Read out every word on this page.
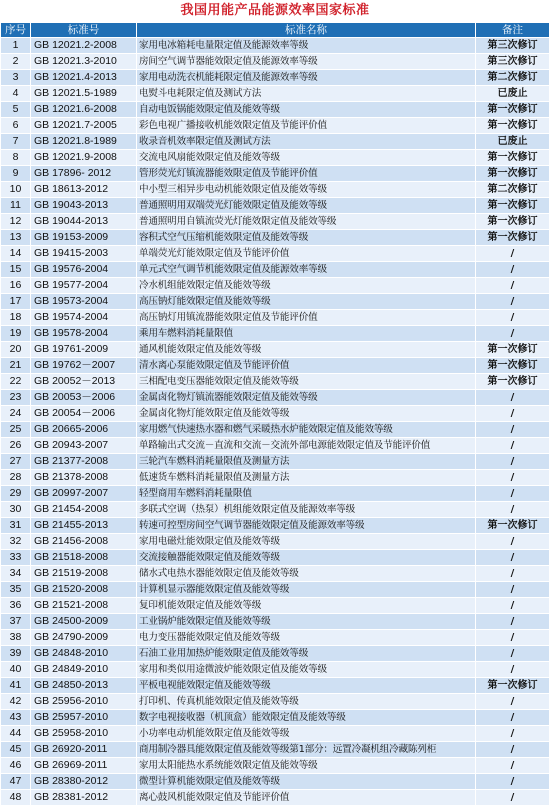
我国用能产品能源效率国家标准
序号	标准号	标准名称	备注
1	GB 12021.2-2008	家用电冰箱耗电量限定值及能源效率等级	第三次修订
2	GB 12021.3-2010	房间空气调节器能效限定值及能源效率等级	第三次修订
3	GB 12021.4-2013	家用电动洗衣机能耗限定值及能源效率等级	第二次修订
4	GB 12021.5-1989	电熨斗电耗限定值及测试方法	已废止
5	GB 12021.6-2008	自动电饭锅能效限定值及能效等级	第一次修订
6	GB 12021.7-2005	彩色电视广播接收机能效限定值及节能评价值	第一次修订
7	GB 12021.8-1989	收录音机效率限定值及测试方法	已废止
8	GB 12021.9-2008	交流电风扇能效限定值及能效等级	第一次修订
9	GB 17896- 2012	管形荧光灯镇流器能效限定值及节能评价值	第一次修订
10	GB 18613-2012	中小型三相异步电动机能效限定值及能效等级	第二次修订
11	GB 19043-2013	普通照明用双端荧光灯能效限定值及能效等级	第一次修订
12	GB 19044-2013	普通照明用自镇流荧光灯能效限定值及能效等级	第一次修订
13	GB 19153-2009	容积式空气压缩机能效限定值及能效等级	第一次修订
14	GB 19415-2003	单端荧光灯能效限定值及节能评价值	/
15	GB 19576-2004	单元式空气调节机能效限定值及能源效率等级	/
16	GB 19577-2004	冷水机组能效限定值及能效等级	/
17	GB 19573-2004	高压钠灯能效限定值及能效等级	/
18	GB 19574-2004	高压钠灯用镇流器能效限定值及节能评价值	/
19	GB 19578-2004	乘用车燃料消耗量限值	/
20	GB 19761-2009	通风机能效限定值及能效等级	第一次修订
21	GB 19762－2007	清水离心泵能效限定值及节能评价值	第一次修订
22	GB 20052－2013	三相配电变压器能效限定值及能效等级	第一次修订
23	GB 20053－2006	金属卤化物灯镇流器能效限定值及能效等级	/
24	GB 20054－2006	金属卤化物灯能效限定值及能效等级	/
25	GB 20665-2006	家用燃气快速热水器和燃气采暖热水炉能效限定值及能效等级	/
26	GB 20943-2007	单路输出式交流－直流和交流－交流外部电源能效限定值及节能评价值	/
27	GB 21377-2008	三轮汽车燃料消耗量限值及测量方法	/
28	GB 21378-2008	低速货车燃料消耗量限值及测量方法	/
29	GB 20997-2007	轻型商用车燃料消耗量限值	/
30	GB 21454-2008	多联式空调（热泵）机组能效限定值及能源效率等级	/
31	GB 21455-2013	转速可控型房间空气调节器能效限定值及能源效率等级	第一次修订
32	GB 21456-2008	家用电磁灶能效限定值及能效等级	/
33	GB 21518-2008	交流接触器能效限定值及能效等级	/
34	GB 21519-2008	储水式电热水器能效限定值及能效等级	/
35	GB 21520-2008	计算机显示器能效限定值及能效等级	/
36	GB 21521-2008	复印机能效限定值及能效等级	/
37	GB 24500-2009	工业锅炉能效限定值及能效等级	/
38	GB 24790-2009	电力变压器能效限定值及能效等级	/
39	GB 24848-2010	石油工业用加热炉能效限定值及能效等级	/
40	GB 24849-2010	家用和类似用途微波炉能效限定值及能效等级	/
41	GB 24850-2013	平板电视能效限定值及能效等级	第一次修订
42	GB 25956-2010	打印机、传真机能效限定值及能效等级	/
43	GB 25957-2010	数字电视接收器（机顶盒）能效限定值及能效等级	/
44	GB 25958-2010	小功率电动机能效限定值及能效等级	/
45	GB 26920-2011	商用制冷器具能效限定值及能效等级第1部分：远置冷凝机组冷藏陈列柜	/
46	GB 26969-2011	家用太阳能热水系统能效限定值及能效等级	/
47	GB 28380-2012	微型计算机能效限定值及能效等级	/
48	GB 28381-2012	离心鼓风机能效限定值及节能评价值	/
